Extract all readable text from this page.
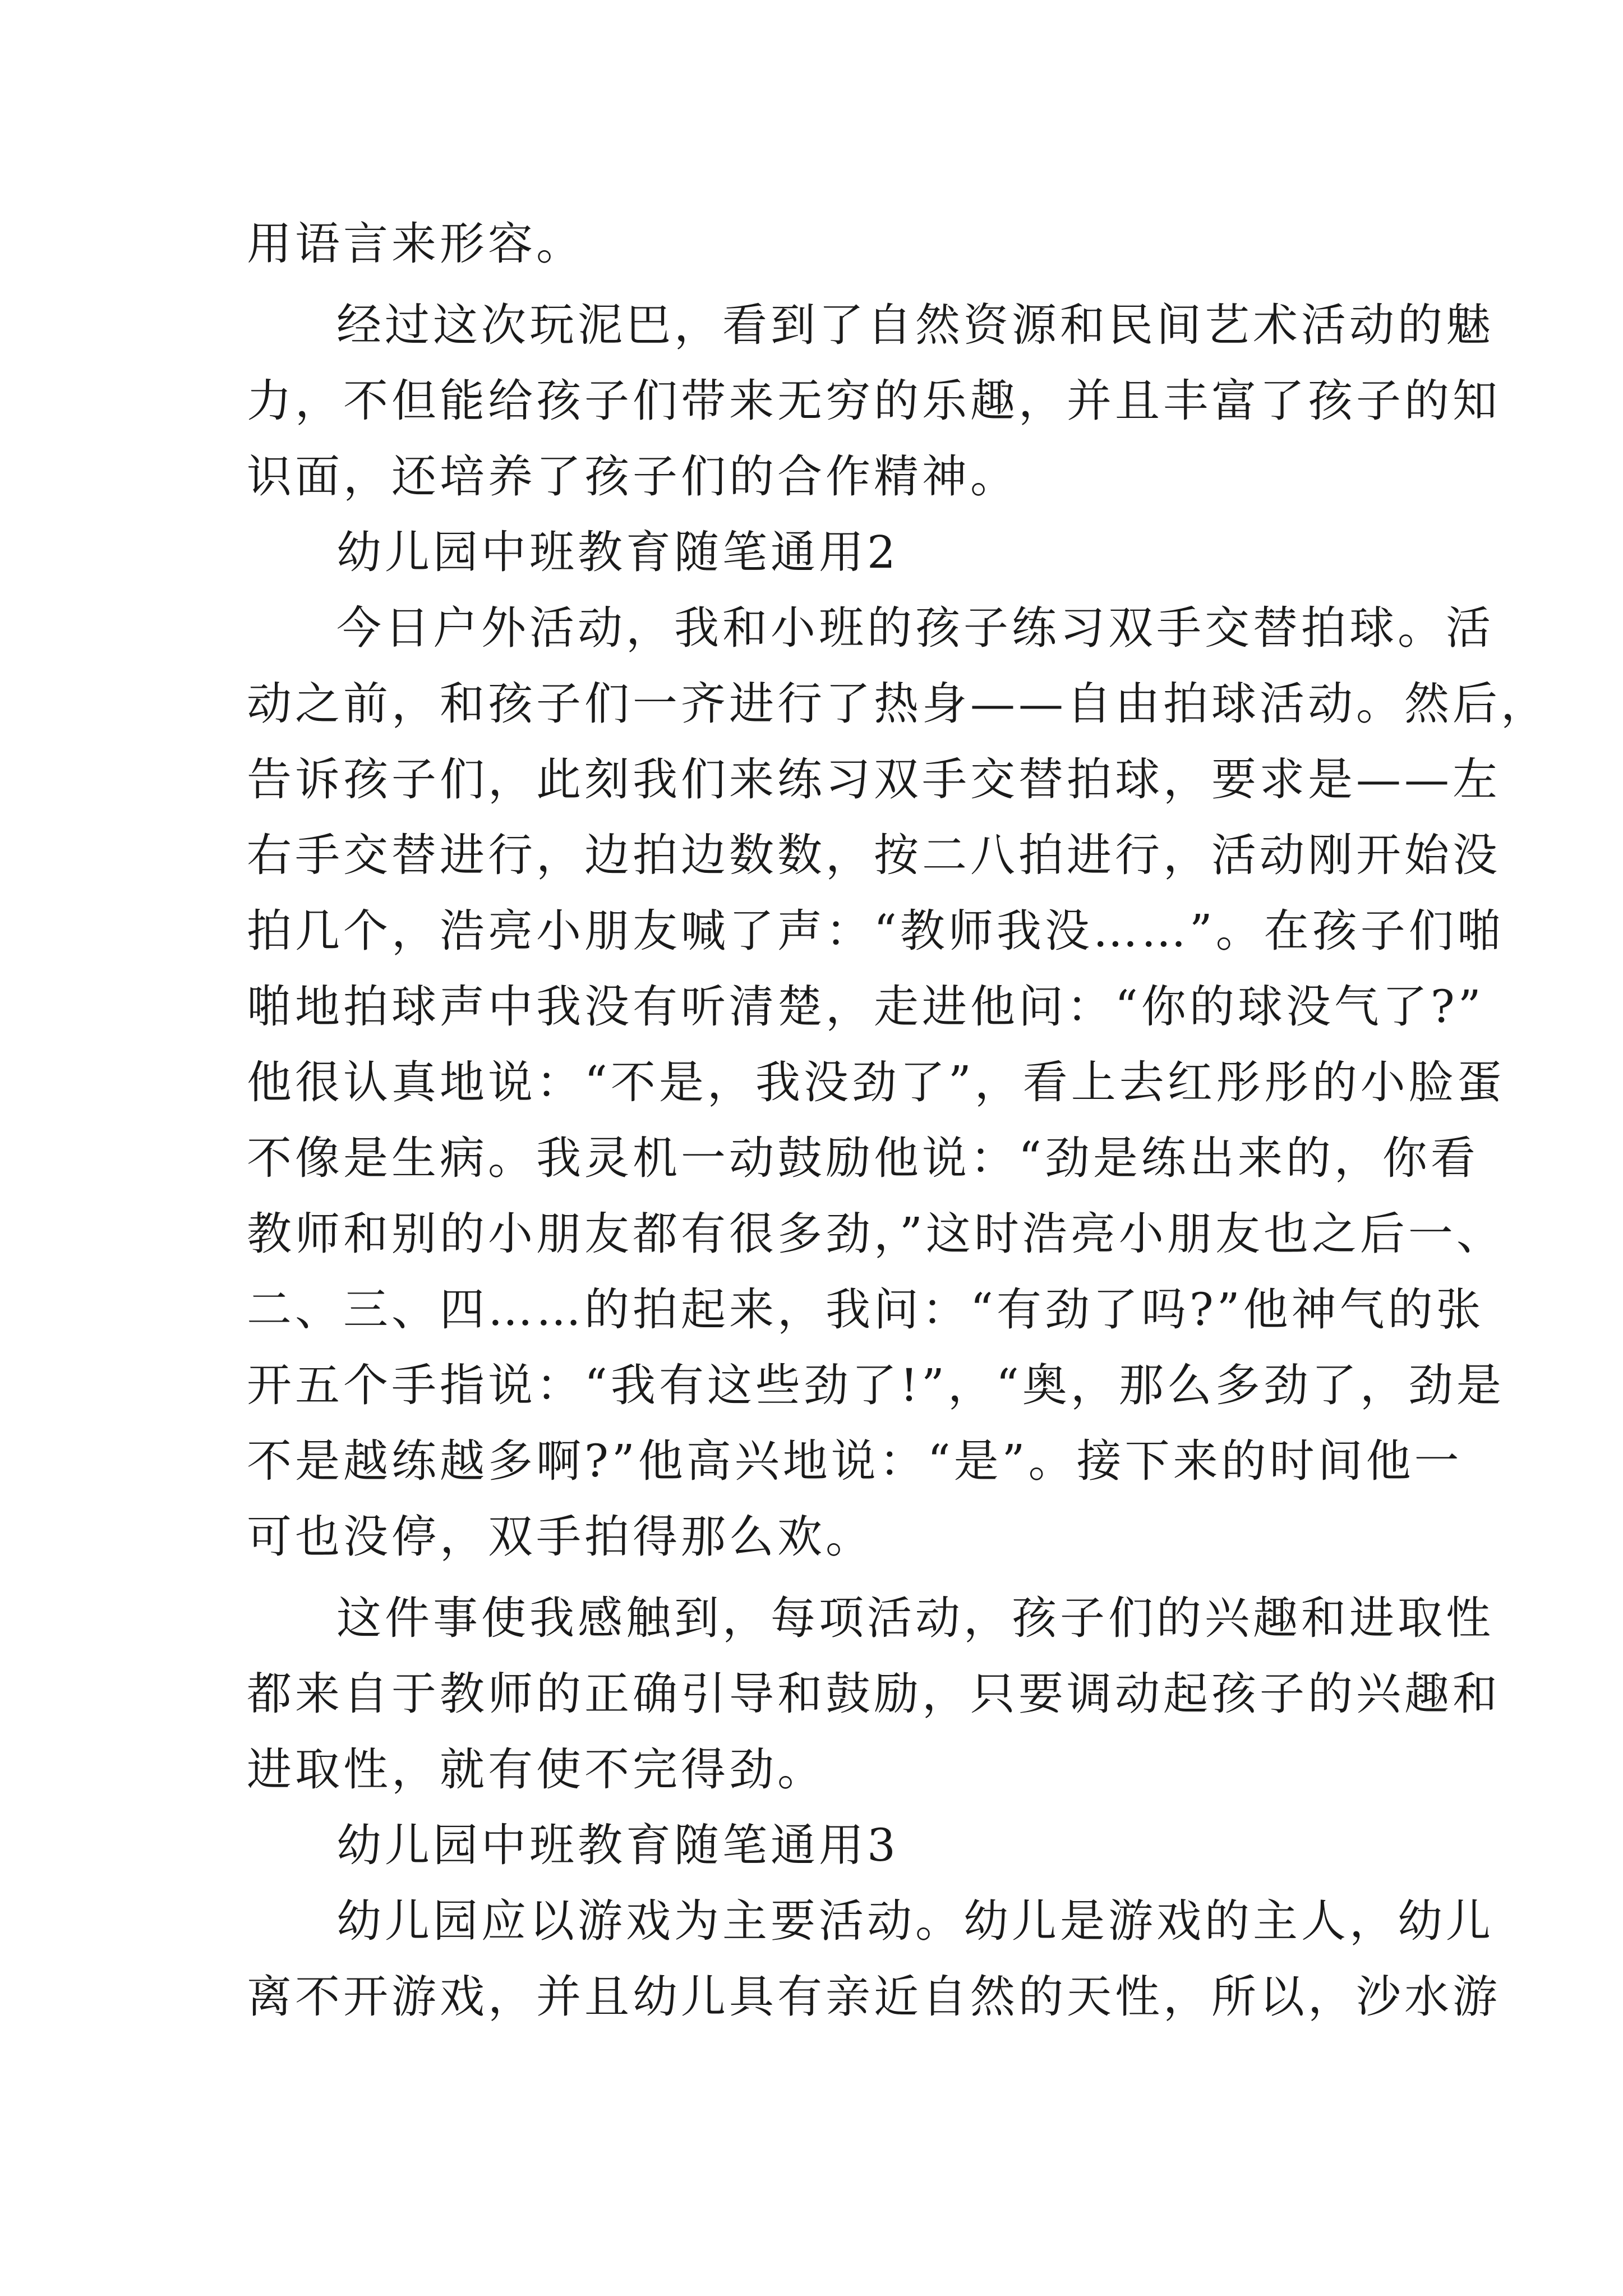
用语言来形容。
经过这次玩泥巴，看到了自然资源和民间艺术活动的魅
力，不但能给孩子们带来无穷的乐趣，并且丰富了孩子的知
识面，还培养了孩子们的合作精神。
幼儿园中班教育随笔通用2
今日户外活动，我和小班的孩子练习双手交替拍球。活
动之前，和孩子们一齐进行了热身——自由拍球活动。然后，
告诉孩子们，此刻我们来练习双手交替拍球，要求是——左
右手交替进行，边拍边数数，按二八拍进行，活动刚开始没
拍几个，浩亮小朋友喊了声：“教师我没……”。在孩子们啪
啪地拍球声中我没有听清楚，走进他问：“你的球没气了?”
他很认真地说：“不是，我没劲了”，看上去红彤彤的小脸蛋
不像是生病。我灵机一动鼓励他说：“劲是练出来的，你看
教师和别的小朋友都有很多劲，”这时浩亮小朋友也之后一、
二、三、四……的拍起来，我问：“有劲了吗?”他神气的张
开五个手指说：“我有这些劲了!”，“奥，那么多劲了，劲是
不是越练越多啊?”他高兴地说：“是”。接下来的时间他一
可也没停，双手拍得那么欢。
这件事使我感触到，每项活动，孩子们的兴趣和进取性
都来自于教师的正确引导和鼓励，只要调动起孩子的兴趣和
进取性，就有使不完得劲。
幼儿园中班教育随笔通用3
幼儿园应以游戏为主要活动。幼儿是游戏的主人，幼儿
离不开游戏，并且幼儿具有亲近自然的天性，所以，沙水游
